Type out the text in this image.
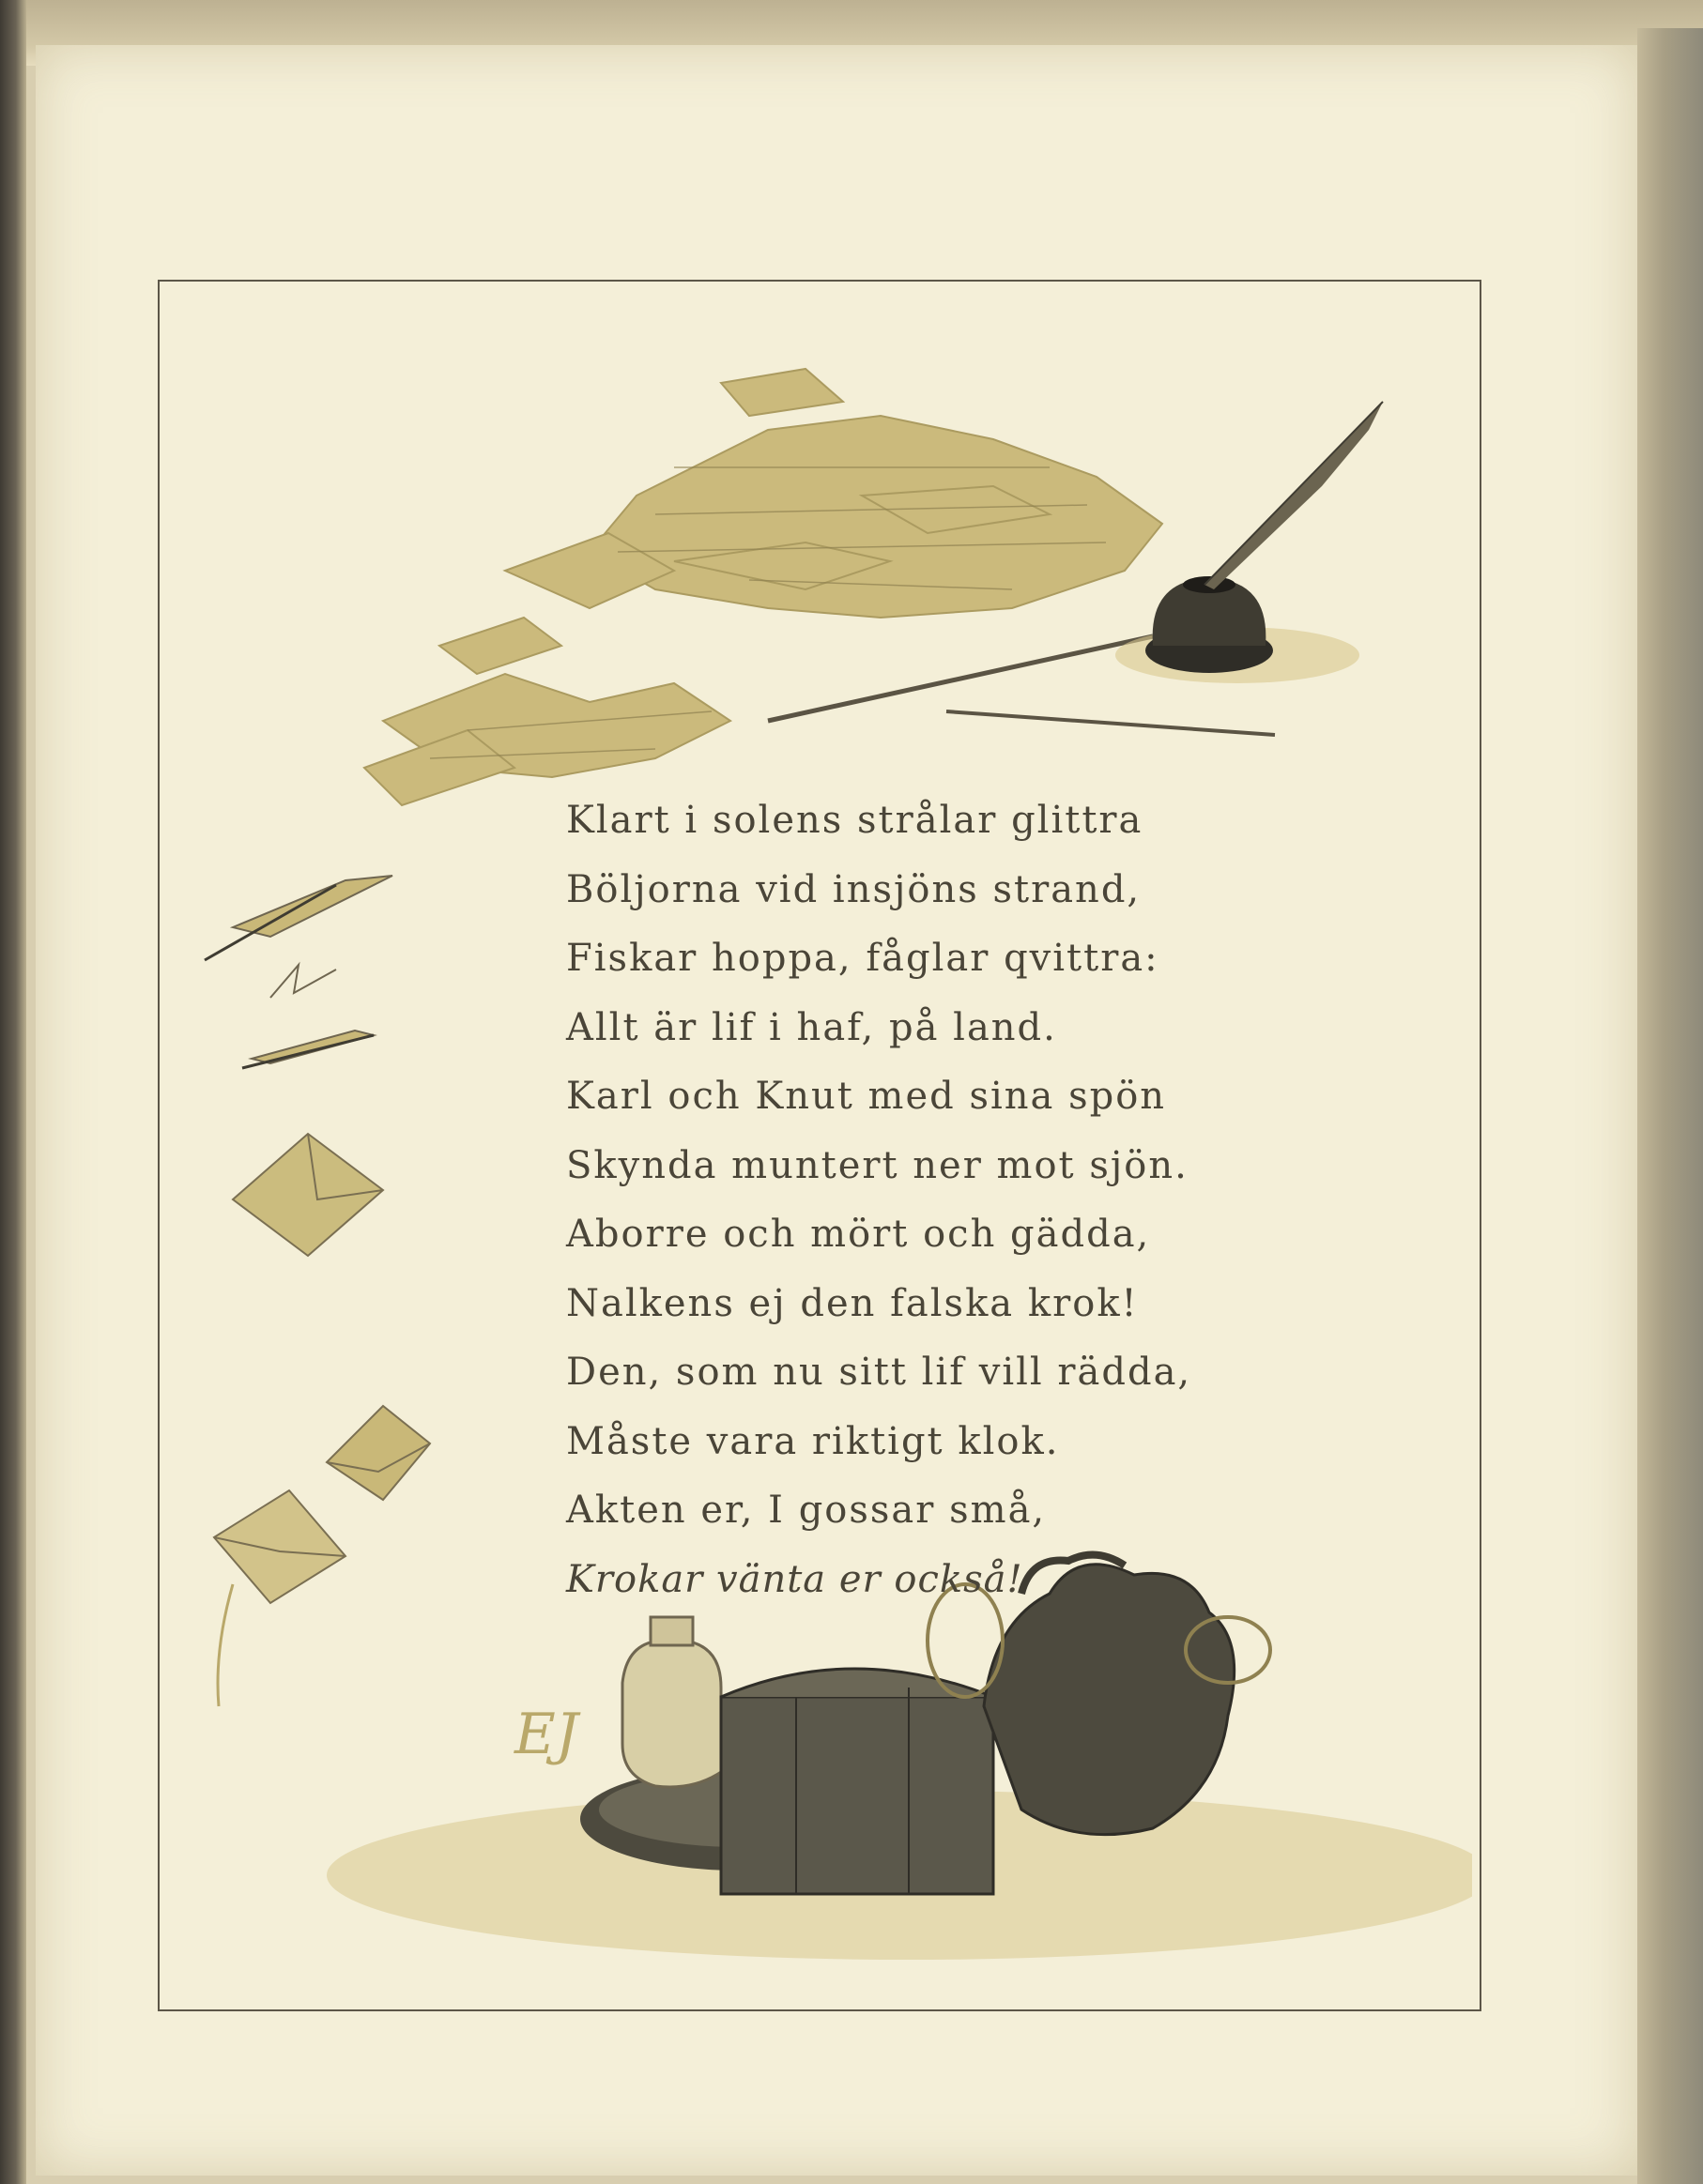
EJ
Klart i solens strålar glittra
Böljorna vid insjöns strand,
Fiskar hoppa, fåglar qvittra:
Allt är lif i haf, på land.
Karl och Knut med sina spön
Skynda muntert ner mot sjön.
Aborre och mört och gädda,
Nalkens ej den falska krok!
Den, som nu sitt lif vill rädda,
Måste vara riktigt klok.
Akten er, I gossar små,
Krokar vänta er också!
